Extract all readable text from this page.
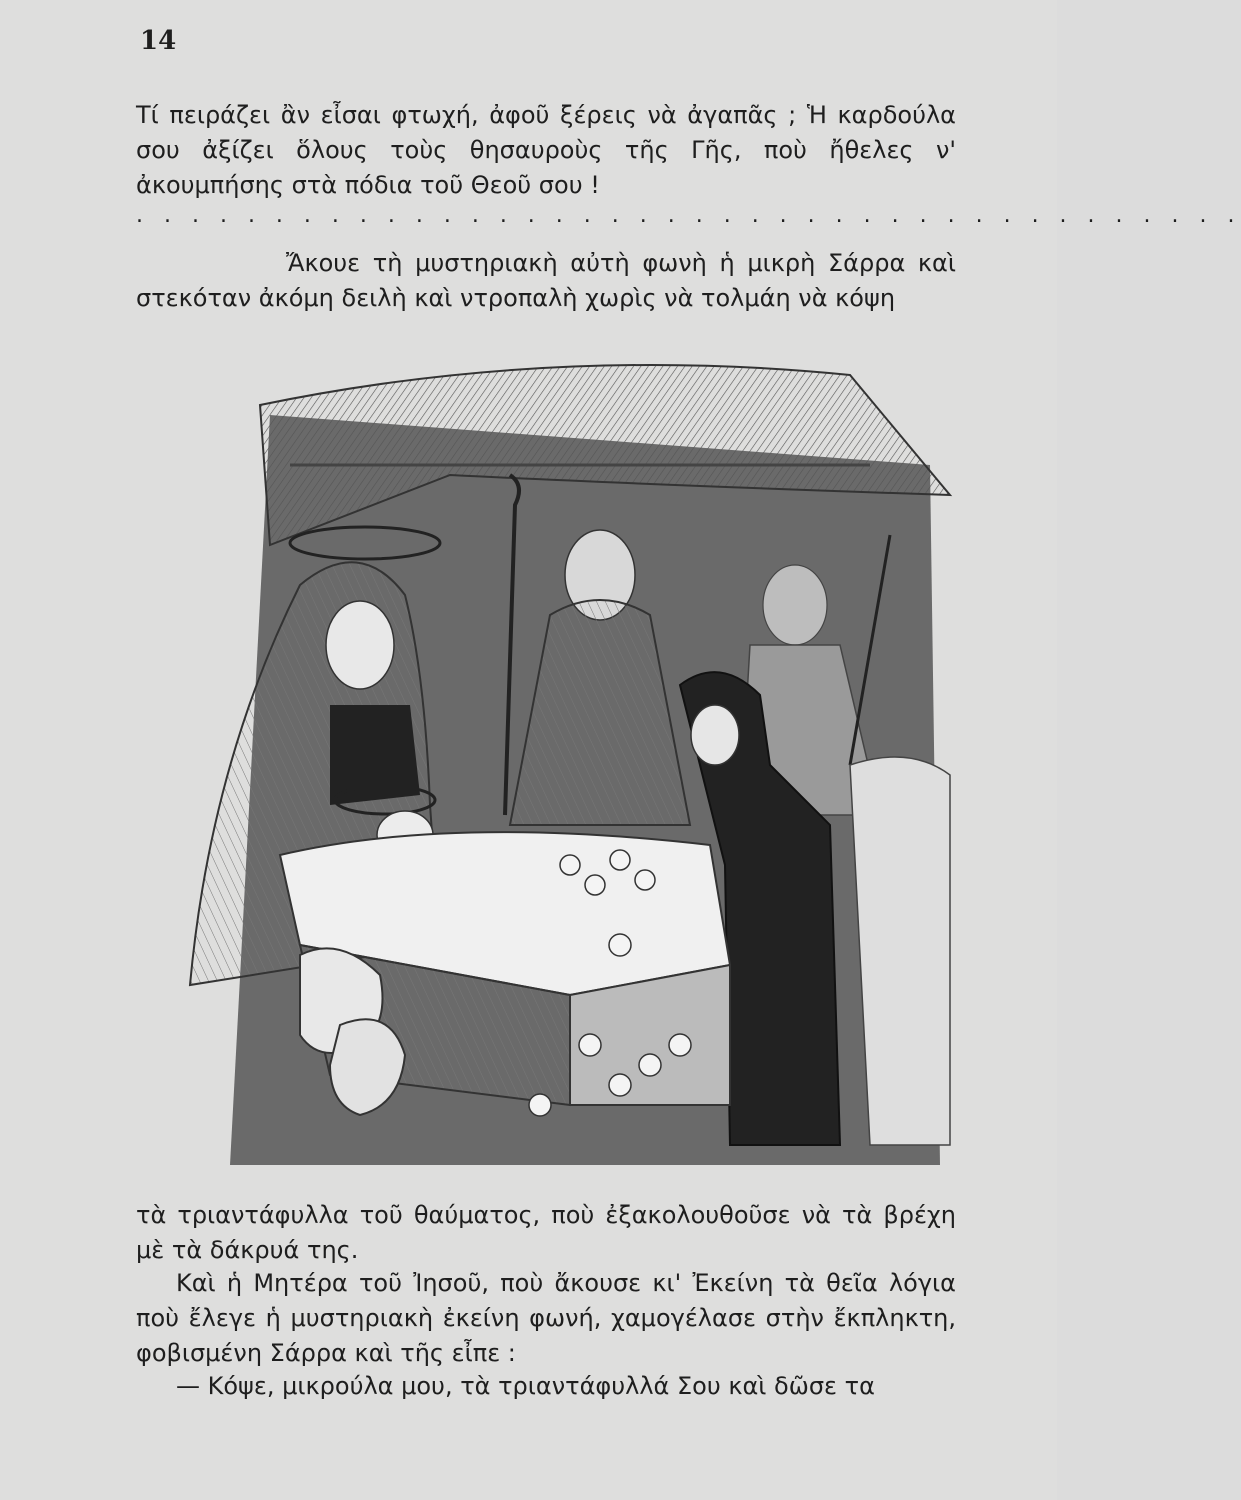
14
Τί πειράζει ἂν εἶσαι φτωχή, ἀφοῦ ξέρεις νὰ ἀγαπᾶς ; Ἡ καρδούλα σου ἀξίζει ὅλους τοὺς θησαυροὺς τῆς Γῆς, ποὺ ἤθελες ν' ἀκουμπήσης στὰ πόδια τοῦ Θεοῦ σου !
. . . . . . . . . . . . . . . . . . . . . . . . . . . . . . . . . . . . . . . .
Ἄκουε τὴ μυστηριακὴ αὐτὴ φωνὴ ἡ μικρὴ Σάρρα καὶ στεκόταν ἀκόμη δειλὴ καὶ ντροπαλὴ χωρὶς νὰ τολμάη νὰ κόψη
τὰ τριαντάφυλλα τοῦ θαύματος, ποὺ ἐξακολουθοῦσε νὰ τὰ βρέχη μὲ τὰ δάκρυά της.
Καὶ ἡ Μητέρα τοῦ Ἰησοῦ, ποὺ ἄκουσε κι' Ἐκείνη τὰ θεῖα λόγια ποὺ ἔλεγε ἡ μυστηριακὴ ἐκείνη φωνή, χαμογέλασε στὴν ἔκπληκτη, φοβισμένη Σάρρα καὶ τῆς εἶπε :
— Κόψε, μικρούλα μου, τὰ τριαντάφυλλά Σου καὶ δῶσε τα
